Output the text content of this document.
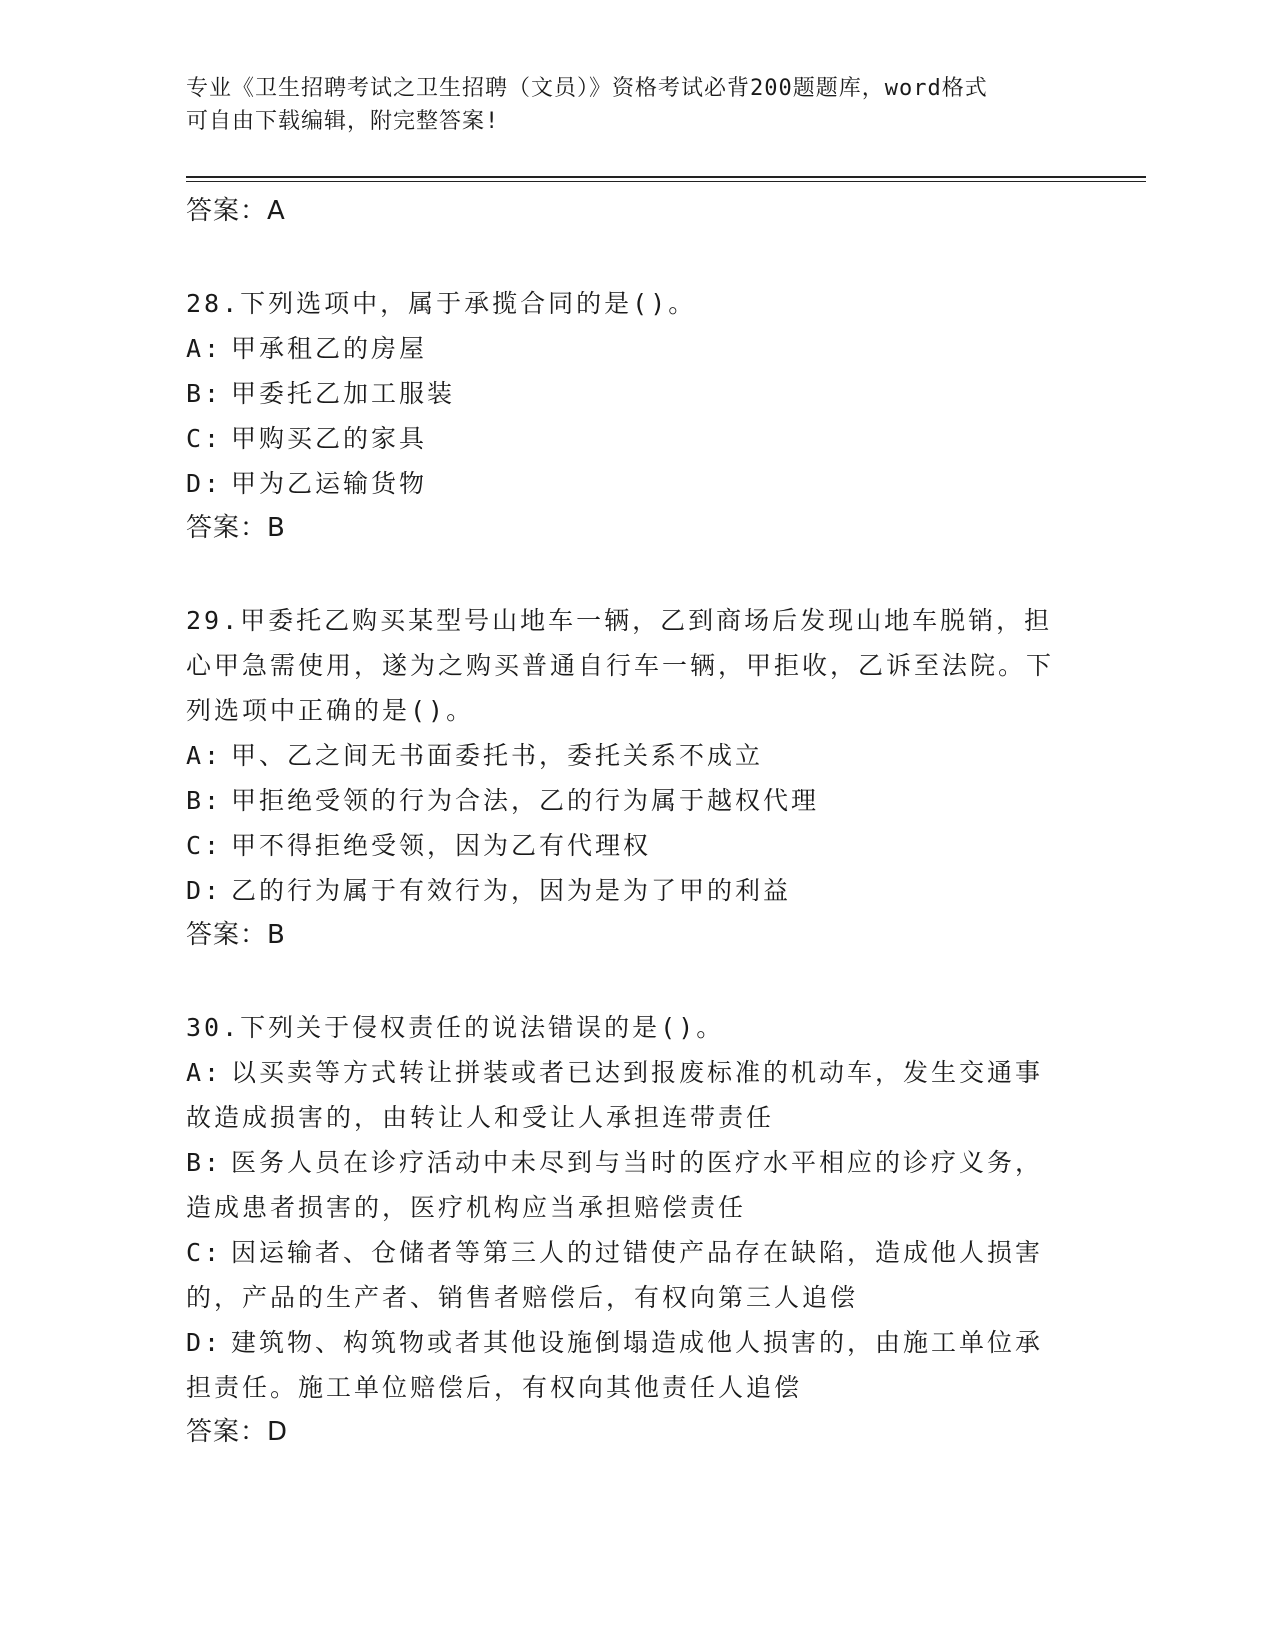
专业《卫生招聘考试之卫生招聘（文员）》资格考试必背200题题库，word格式
可自由下载编辑，附完整答案!
答案：A
28.下列选项中，属于承揽合同的是()。
A: 甲承租乙的房屋
B: 甲委托乙加工服装
C: 甲购买乙的家具
D: 甲为乙运输货物
答案：B
29.甲委托乙购买某型号山地车一辆，乙到商场后发现山地车脱销，担心甲急需使用，遂为之购买普通自行车一辆，甲拒收，乙诉至法院。下列选项中正确的是()。
A: 甲、乙之间无书面委托书，委托关系不成立
B: 甲拒绝受领的行为合法，乙的行为属于越权代理
C: 甲不得拒绝受领，因为乙有代理权
D: 乙的行为属于有效行为，因为是为了甲的利益
答案：B
30.下列关于侵权责任的说法错误的是()。
A: 以买卖等方式转让拼装或者已达到报废标准的机动车，发生交通事故造成损害的，由转让人和受让人承担连带责任
B: 医务人员在诊疗活动中未尽到与当时的医疗水平相应的诊疗义务，造成患者损害的，医疗机构应当承担赔偿责任
C: 因运输者、仓储者等第三人的过错使产品存在缺陷，造成他人损害的，产品的生产者、销售者赔偿后，有权向第三人追偿
D: 建筑物、构筑物或者其他设施倒塌造成他人损害的，由施工单位承担责任。施工单位赔偿后，有权向其他责任人追偿
答案：D
